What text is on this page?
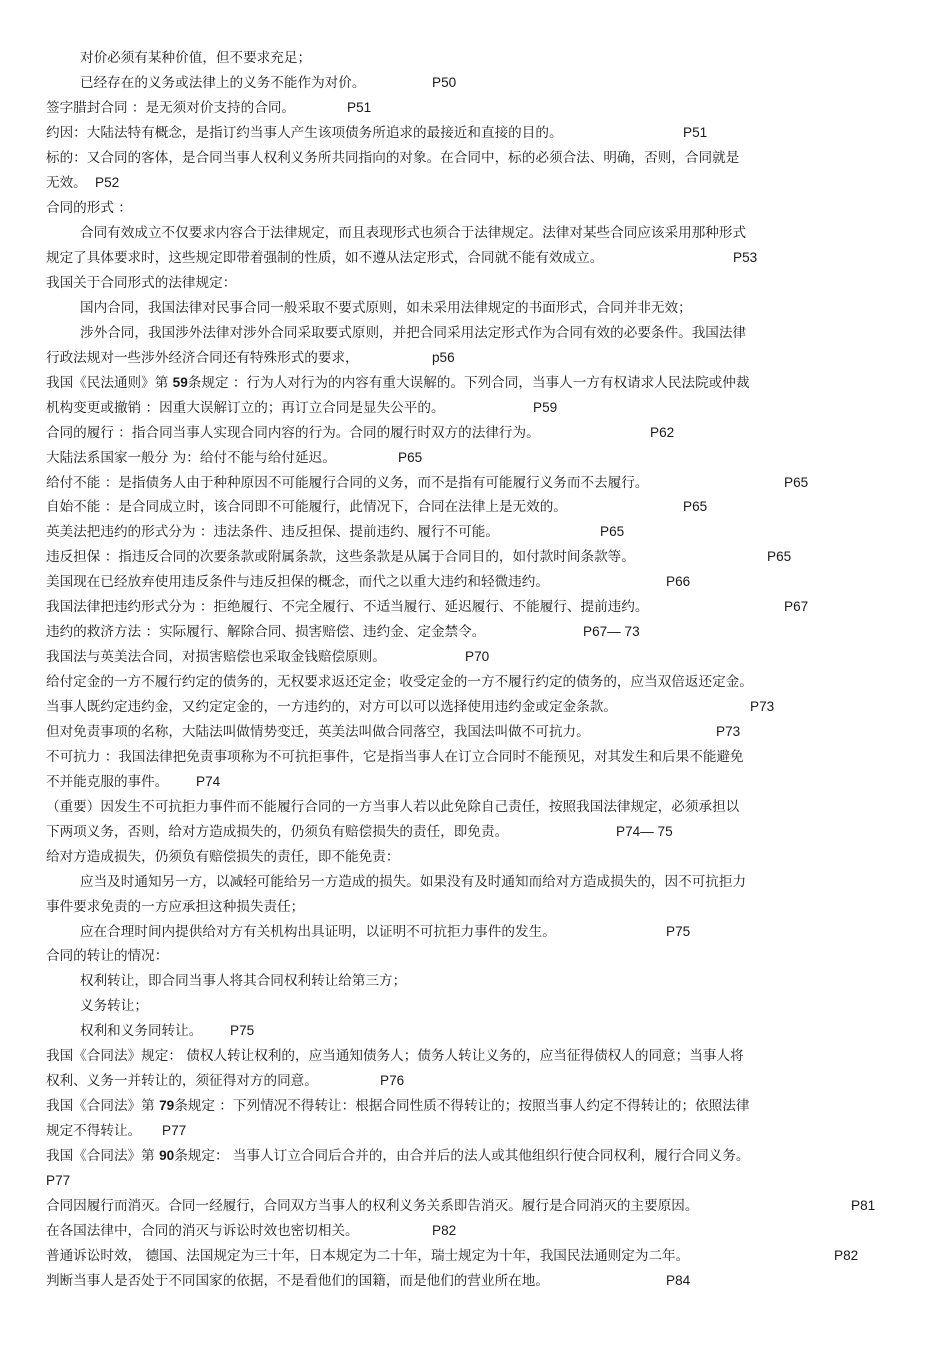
对价必须有某种价值，但不要求充足；
已经存在的义务或法律上的义务不能作为对价。	P50
签字腊封合同 ：是无须对价支持的合同。	P51
约因：大陆法特有概念，是指订约当事人产生该项债务所追求的最接近和直接的目的。	P51
标的：又合同的客体，是合同当事人权利义务所共同指向的对象。在合同中，标的必须合法、明确，否则，合同就是
无效。 P52
合同的形式 ：
合同有效成立不仅要求内容合于法律规定，而且表现形式也须合于法律规定。法律对某些合同应该采用那种形式
规定了具体要求时，这些规定即带着强制的性质，如不遵从法定形式，合同就不能有效成立。	P53
我国关于合同形式的法律规定：
国内合同，我国法律对民事合同一般采取不要式原则，如未采用法律规定的书面形式，合同并非无效；
涉外合同，我国涉外法律对涉外合同采取要式原则，并把合同采用法定形式作为合同有效的必要条件。我国法律
行政法规对一些涉外经济合同还有特殊形式的要求，	p56
我国《民法通则》第 59条规定 ：行为人对行为的内容有重大误解的。下列合同，当事人一方有权请求人民法院或仲裁
机构变更或撤销 ：因重大误解订立的；再订立合同是显失公平的。	P59
合同的履行 ：指合同当事人实现合同内容的行为。合同的履行时双方的法律行为。	P62
大陆法系国家一般分 为：给付不能与给付延迟。	P65
给付不能 ：是指债务人由于种种原因不可能履行合同的义务，而不是指有可能履行义务而不去履行。	P65
自始不能 ：是合同成立时，该合同即不可能履行，此情况下，合同在法律上是无效的。	P65
英美法把违约的形式分为 ：违法条件、违反担保、提前违约、履行不可能。	P65
违反担保 ：指违反合同的次要条款或附属条款，这些条款是从属于合同目的，如付款时间条款等。	P65
美国现在已经放弃使用违反条件与违反担保的概念，而代之以重大违约和轻微违约。	P66
我国法律把违约形式分为 ：拒绝履行、不完全履行、不适当履行、延迟履行、不能履行、提前违约。	P67
违约的救济方法 ：实际履行、解除合同、损害赔偿、违约金、定金禁令。	P67— 73
我国法与英美法合同，对损害赔偿也采取金钱赔偿原则。	P70
给付定金的一方不履行约定的债务的，无权要求返还定金；收受定金的一方不履行约定的债务的，应当双倍返还定金。
当事人既约定违约金，又约定定金的，一方违约的，对方可以可以选择使用违约金或定金条款。	P73
但对免责事项的名称，大陆法叫做情势变迁，英美法叫做合同落空，我国法叫做不可抗力。	P73
不可抗力 ：我国法律把免责事项称为不可抗拒事件，它是指当事人在订立合同时不能预见，对其发生和后果不能避免
不并能克服的事件。 P74
（重要）因发生不可抗拒力事件而不能履行合同的一方当事人若以此免除自己责任，按照我国法律规定，必须承担以
下两项义务，否则，给对方造成损失的，仍须负有赔偿损失的责任，即免责。	P74— 75
给对方造成损失，仍须负有赔偿损失的责任，即不能免责：
应当及时通知另一方，以减轻可能给另一方造成的损失。如果没有及时通知而给对方造成损失的，因不可抗拒力
事件要求免责的一方应承担这种损失责任；
应在合理时间内提供给对方有关机构出具证明，以证明不可抗拒力事件的发生。	P75
合同的转让的情况：
权利转让，即合同当事人将其合同权利转让给第三方；
义务转让；
权利和义务同转让。 P75
我国《合同法》规定： 债权人转让权利的，应当通知债务人；债务人转让义务的，应当征得债权人的同意；当事人将
权利、义务一并转让的，须征得对方的同意。	P76
我国《合同法》第 79条规定 ：下列情况不得转让：根据合同性质不得转让的；按照当事人约定不得转让的；依照法律
规定不得转让。 P77
我国《合同法》第 90条规定： 当事人订立合同后合并的，由合并后的法人或其他组织行使合同权利，履行合同义务。
P77
合同因履行而消灭。合同一经履行，合同双方当事人的权利义务关系即告消灭。履行是合同消灭的主要原因。	P81
在各国法律中，合同的消灭与诉讼时效也密切相关。	P82
普通诉讼时效， 德国、法国规定为三十年，日本规定为二十年，瑞士规定为十年，我国民法通则定为二年。	P82
判断当事人是否处于不同国家的依据，不是看他们的国籍，而是他们的营业所在地。	P84
